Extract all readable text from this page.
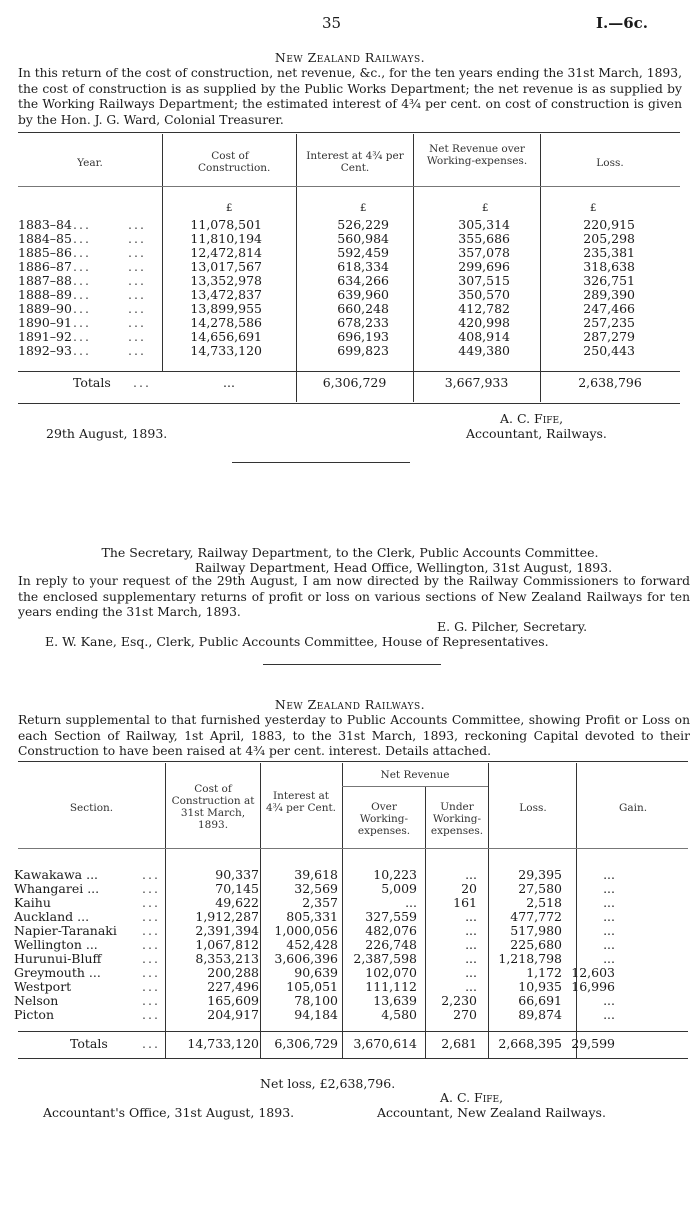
35	I.—6c.
New Zealand Railways.
In this return of the cost of construction, net revenue, &c., for the ten years ending the 31st March, 1893, the cost of construction is as supplied by the Public Works Department; the net revenue is as supplied by the Working Railways Department; the estimated interest of 4¾ per cent. on cost of construction is given by the Hon. J. G. Ward, Colonial Treasurer.
Year.
Cost of Construction.
Interest at 4¾ per Cent.
Net Revenue over Working-expenses.	Loss.
£	£	£	£
1883–84	...	...	11,078,501	526,229	305,314	220,915
1884–85	...	...	11,810,194	560,984	355,686	205,298
1885–86	...	...	12,472,814	592,459	357,078	235,381
1886–87	...	...	13,017,567	618,334	299,696	318,638
1887–88	...	...	13,352,978	634,266	307,515	326,751
1888–89	...	...	13,472,837	639,960	350,570	289,390
1889–90	...	...	13,899,955	660,248	412,782	247,466
1890–91	...	...	14,278,586	678,233	420,998	257,235
1891–92	...	...	14,656,691	696,193	408,914	287,279
1892–93	...	...	14,733,120	699,823	449,380	250,443
	Totals	...	...	6,306,729	3,667,933	2,638,796
A. C. Fife,
29th August, 1893.	Accountant, Railways.
The Secretary, Railway Department, to the Clerk, Public Accounts Committee.
Railway Department, Head Office, Wellington, 31st August, 1893.
In reply to your request of the 29th August, I am now directed by the Railway Commissioners to forward the enclosed supplementary returns of profit or loss on various sections of New Zealand Railways for ten years ending the 31st March, 1893.
E. G. Pilcher, Secretary.
E. W. Kane, Esq., Clerk, Public Accounts Committee, House of Representatives.
New Zealand Railways.
Return supplemental to that furnished yesterday to Public Accounts Committee, showing Profit or Loss on each Section of Railway, 1st April, 1883, to the 31st March, 1893, reckoning Capital devoted to their Construction to have been raised at 4¾ per cent. interest. Details attached.
Section.
Cost of Construction at 31st March, 1893.
Interest at 4¾ per Cent.
Net Revenue
Over Working-expenses.
Under Working-expenses.
Loss.	Gain.
Kawakawa ...	...	90,337	39,618	10,223	...	29,395	...
Whangarei ...	...	70,145	32,569	5,009	20	27,580	...
Kaihu	...	49,622	2,357	...	161	2,518	...
Auckland ...	...	1,912,287	805,331	327,559	...	477,772	...
Napier-Taranaki	...	2,391,394	1,000,056	482,076	...	517,980	...
Wellington ...	...	1,067,812	452,428	226,748	...	225,680	...
Hurunui-Bluff	...	8,353,213	3,606,396	2,387,598	...	1,218,798	...
Greymouth ...	...	200,288	90,639	102,070	...	1,172	12,603
Westport	...	227,496	105,051	111,112	...	10,935	16,996
Nelson	...	165,609	78,100	13,639	2,230	66,691	...
Picton	...	204,917	94,184	4,580	270	89,874	...
	Totals	...	14,733,120	6,306,729	3,670,614	2,681	2,668,395	29,599
Net loss, £2,638,796.
A. C. Fife,
Accountant's Office, 31st August, 1893.	Accountant, New Zealand Railways.
